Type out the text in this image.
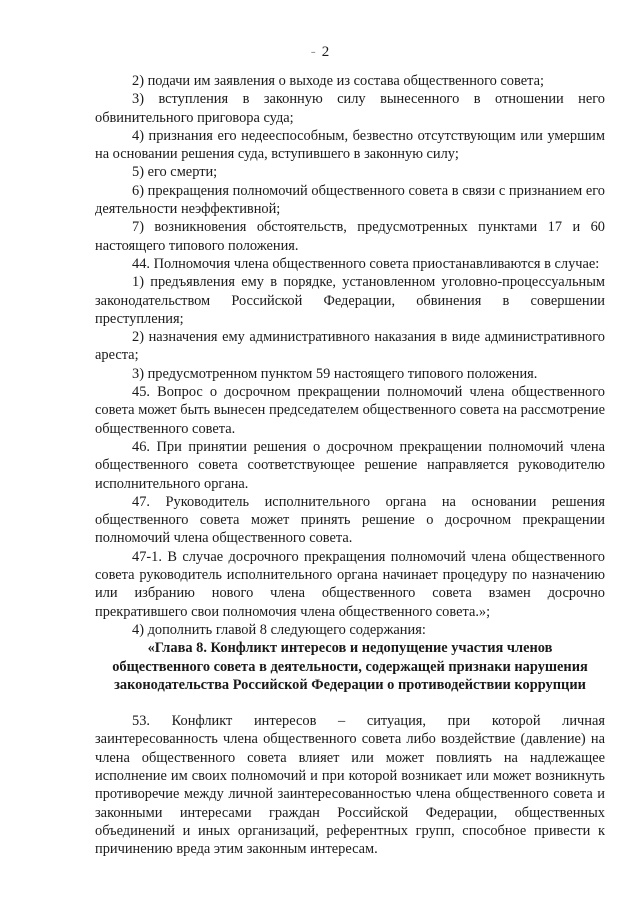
- 2

2) подачи им заявления о выходе из состава общественного совета;

3) вступления в законную силу вынесенного в отношении него обвинительного приговора суда;

4) признания его недееспособным, безвестно отсутствующим или умершим на основании решения суда, вступившего в законную силу;

5) его смерти;

6) прекращения полномочий общественного совета в связи с признанием его деятельности неэффективной;

7) возникновения обстоятельств, предусмотренных пунктами 17 и 60 настоящего типового положения.

44. Полномочия члена общественного совета приостанавливаются в случае:

1) предъявления ему в порядке, установленном уголовно-процессуальным законодательством Российской Федерации, обвинения в совершении преступления;

2) назначения ему административного наказания в виде административного ареста;

3) предусмотренном пунктом 59 настоящего типового положения.

45. Вопрос о досрочном прекращении полномочий члена общественного совета может быть вынесен председателем общественного совета на рассмотрение общественного совета.

46. При принятии решения о досрочном прекращении полномочий члена общественного совета соответствующее решение направляется руководителю исполнительного органа.

47. Руководитель исполнительного органа на основании решения общественного совета может принять решение о досрочном прекращении полномочий члена общественного совета.

47-1. В случае досрочного прекращения полномочий члена общественного совета руководитель исполнительного органа начинает процедуру по назначению или избранию нового члена общественного совета взамен досрочно прекратившего свои полномочия члена общественного совета.»;

4) дополнить главой 8 следующего содержания:

«Глава 8. Конфликт интересов и недопущение участия членов общественного совета в деятельности, содержащей признаки нарушения законодательства Российской Федерации о противодействии коррупции

53. Конфликт интересов – ситуация, при которой личная заинтересованность члена общественного совета либо воздействие (давление) на члена общественного совета влияет или может повлиять на надлежащее исполнение им своих полномочий и при которой возникает или может возникнуть противоречие между личной заинтересованностью члена общественного совета и законными интересами граждан Российской Федерации, общественных объединений и иных организаций, референтных групп, способное привести к причинению вреда этим законным интересам.
